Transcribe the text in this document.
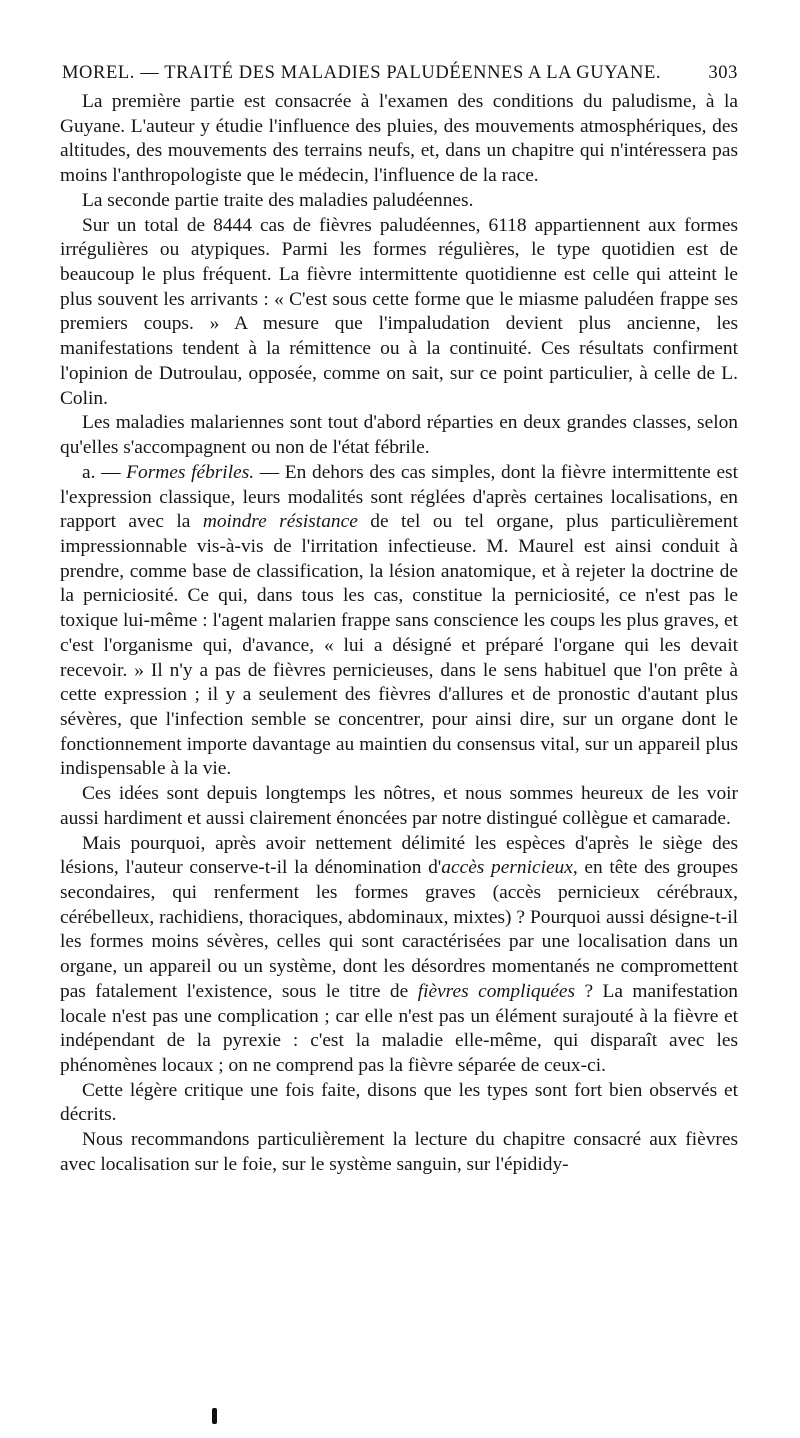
MOREL. — TRAITÉ DES MALADIES PALUDÉENNES A LA GUYANE.	303

La première partie est consacrée à l'examen des conditions du paludisme, à la Guyane. L'auteur y étudie l'influence des pluies, des mouvements atmosphériques, des altitudes, des mouvements des terrains neufs, et, dans un chapitre qui n'intéressera pas moins l'anthropologiste que le médecin, l'influence de la race.

La seconde partie traite des maladies paludéennes.

Sur un total de 8444 cas de fièvres paludéennes, 6118 appartiennent aux formes irrégulières ou atypiques. Parmi les formes régulières, le type quotidien est de beaucoup le plus fréquent. La fièvre intermittente quotidienne est celle qui atteint le plus souvent les arrivants : « C'est sous cette forme que le miasme paludéen frappe ses premiers coups. » A mesure que l'impaludation devient plus ancienne, les manifestations tendent à la rémittence ou à la continuité. Ces résultats confirment l'opinion de Dutroulau, opposée, comme on sait, sur ce point particulier, à celle de L. Colin.

Les maladies malariennes sont tout d'abord réparties en deux grandes classes, selon qu'elles s'accompagnent ou non de l'état fébrile.

a. — Formes fébriles. — En dehors des cas simples, dont la fièvre intermittente est l'expression classique, leurs modalités sont réglées d'après certaines localisations, en rapport avec la moindre résistance de tel ou tel organe, plus particulièrement impressionnable vis-à-vis de l'irritation infectieuse. M. Maurel est ainsi conduit à prendre, comme base de classification, la lésion anatomique, et à rejeter la doctrine de la perniciosité. Ce qui, dans tous les cas, constitue la perniciosité, ce n'est pas le toxique lui-même : l'agent malarien frappe sans conscience les coups les plus graves, et c'est l'organisme qui, d'avance, « lui a désigné et préparé l'organe qui les devait recevoir. » Il n'y a pas de fièvres pernicieuses, dans le sens habituel que l'on prête à cette expression ; il y a seulement des fièvres d'allures et de pronostic d'autant plus sévères, que l'infection semble se concentrer, pour ainsi dire, sur un organe dont le fonctionnement importe davantage au maintien du consensus vital, sur un appareil plus indispensable à la vie.

Ces idées sont depuis longtemps les nôtres, et nous sommes heureux de les voir aussi hardiment et aussi clairement énoncées par notre distingué collègue et camarade.

Mais pourquoi, après avoir nettement délimité les espèces d'après le siège des lésions, l'auteur conserve-t-il la dénomination d'accès pernicieux, en tête des groupes secondaires, qui renferment les formes graves (accès pernicieux cérébraux, cérébelleux, rachidiens, thoraciques, abdominaux, mixtes) ? Pourquoi aussi désigne-t-il les formes moins sévères, celles qui sont caractérisées par une localisation dans un organe, un appareil ou un système, dont les désordres momentanés ne compromettent pas fatalement l'existence, sous le titre de fièvres compliquées ? La manifestation locale n'est pas une complication ; car elle n'est pas un élément surajouté à la fièvre et indépendant de la pyrexie : c'est la maladie elle-même, qui disparaît avec les phénomènes locaux ; on ne comprend pas la fièvre séparée de ceux-ci.

Cette légère critique une fois faite, disons que les types sont fort bien observés et décrits.

Nous recommandons particulièrement la lecture du chapitre consacré aux fièvres avec localisation sur le foie, sur le système sanguin, sur l'épididy-
